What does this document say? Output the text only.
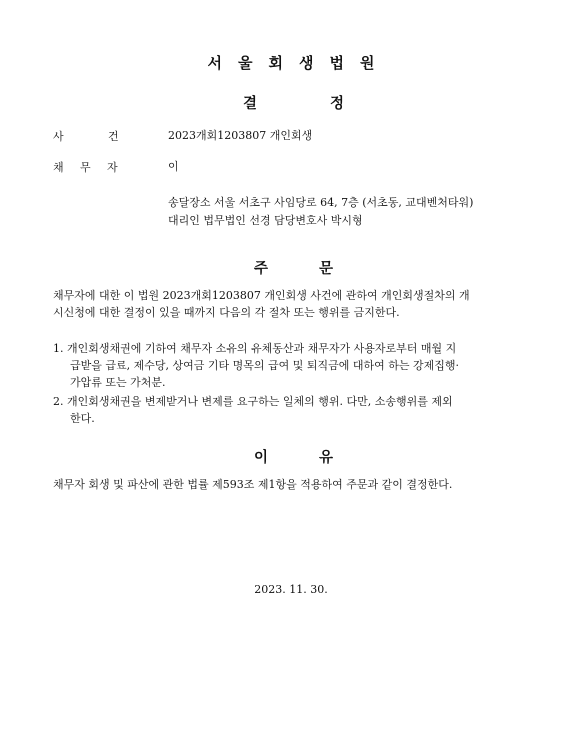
서울회생법원
결	정
사	건	2023개회1203807 개인회생
채 무 자	이
송달장소 서울 서초구 사임당로 64, 7층 (서초동, 교대벤처타워)
대리인 법무법인 선경 담당변호사 박시형
주	문
채무자에 대한 이 법원 2023개회1203807 개인회생 사건에 관하여 개인회생절차의 개
시신청에 대한 결정이 있을 때까지 다음의 각 절차 또는 행위를 금지한다.
1. 개인회생채권에 기하여 채무자 소유의 유체동산과 채무자가 사용자로부터 매월 지
급받을 급료, 제수당, 상여금 기타 명목의 급여 및 퇴직금에 대하여 하는 강제집행·
가압류 또는 가처분.
2. 개인회생채권을 변제받거나 변제를 요구하는 일체의 행위. 다만, 소송행위를 제외
한다.
이	유
채무자 회생 및 파산에 관한 법률 제593조 제1항을 적용하여 주문과 같이 결정한다.
2023. 11. 30.
